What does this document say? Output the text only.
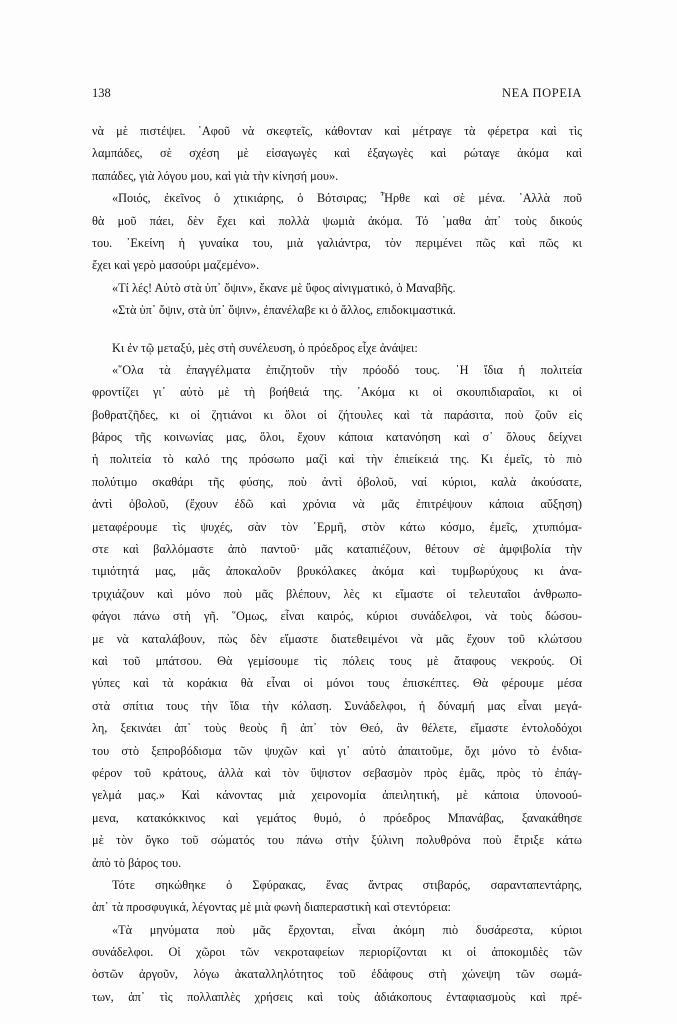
138	ΝΕΑ ΠΟΡΕΙΑ
νὰ μὲ πιστέψει. ᾿Αφοῦ νὰ σκεφτεῖς, κάθονταν καὶ μέτραγε τὰ φέρετρα καὶ τὶς
λαμπάδες, σὲ σχέση μὲ εἰσαγωγὲς καὶ ἐξαγωγὲς καὶ ρώταγε ἀκόμα καὶ
παπάδες, γιὰ λόγου μου, καὶ γιὰ τὴν κίνησή μου».
«Ποιός, ἐκεῖνος ὁ χτικιάρης, ὁ Βότσιρας; Ἦρθε καὶ σὲ μένα. ᾿Αλλὰ ποῦ
θὰ μοῦ πάει, δὲν ἔχει καὶ πολλὰ ψωμιὰ ἀκόμα. Τό ᾿μαθα ἀπ᾿ τοὺς δικούς
του. ᾿Εκείνη ἡ γυναίκα του, μιὰ γαλιάντρα, τὸν περιμένει πῶς καὶ πῶς κι
ἔχει καὶ γερὸ μασούρι μαζεμένο».
«Τί λές! Αὐτὸ στὰ ὑπ᾿ ὄψιν», ἔκανε μὲ ὕφος αἰνιγματικό, ὁ Μαναβῆς.
«Στὰ ὑπ᾿ ὄψιν, στὰ ὑπ᾿ ὄψιν», ἐπανέλαβε κι ὁ ἄλλος, επιδοκιμαστικά.
Κι ἐν τῷ μεταξύ, μὲς στὴ συνέλευση, ὁ πρόεδρος εἶχε ἀνάψει:
«῞Ολα τὰ ἐπαγγέλματα ἐπιζητοῦν τὴν πρόοδό τους. ῾Η ἴδια ἡ πολιτεία
φροντίζει γι᾿ αὐτὸ μὲ τὴ βοήθειά της. ᾿Ακόμα κι οἱ σκουπιδιαραῖοι, κι οἱ
βοθρατζῆδες, κι οἱ ζητιάνοι κι ὅλοι οἱ ζήτουλες καὶ τὰ παράσιτα, ποὺ ζοῦν εἰς
βάρος τῆς κοινωνίας μας, ὅλοι, ἔχουν κάποια κατανόηση καὶ σ᾿ ὅλους δείχνει
ἡ πολιτεία τὸ καλό της πρόσωπο μαζὶ καὶ τὴν ἐπιείκειά της. Κι ἐμεῖς, τὸ πιὸ
πολύτιμο σκαθάρι τῆς φύσης, ποὺ ἀντὶ ὀβολοῦ, ναί κύριοι, καλὰ ἀκούσατε,
ἀντὶ ὀβολοῦ, (ἔχουν ἐδῶ καὶ χρόνια νὰ μᾶς ἐπιτρέψουν κάποια αὔξηση)
μεταφέρουμε τὶς ψυχές, σὰν τὸν ῾Ερμῆ, στὸν κάτω κόσμο, ἐμεῖς, χτυπιόμα-
στε καὶ βαλλόμαστε ἀπὸ παντοῦ· μᾶς καταπιέζουν, θέτουν σὲ ἀμφιβολία τὴν
τιμιότητά μας, μᾶς ἀποκαλοῦν βρυκόλακες ἀκόμα καὶ τυμβωρύχους κι ἀνα-
τριχιάζουν καὶ μόνο ποὺ μᾶς βλέπουν, λὲς κι εἴμαστε οἱ τελευταῖοι ἀνθρωπο-
φάγοι πάνω στὴ γῆ. ῞Ομως, εἶναι καιρός, κύριοι συνάδελφοι, νὰ τοὺς δώσου-
με νὰ καταλάβουν, πὼς δὲν εἴμαστε διατεθειμένοι νὰ μᾶς ἔχουν τοῦ κλώτσου
καὶ τοῦ μπάτσου. Θὰ γεμίσουμε τὶς πόλεις τους μὲ ἄταφους νεκρούς. Οἱ
γύπες καὶ τὰ κοράκια θὰ εἶναι οἱ μόνοι τους ἐπισκέπτες. Θὰ φέρουμε μέσα
στὰ σπίτια τους τὴν ἴδια τὴν κόλαση. Συνάδελφοι, ἡ δύναμή μας εἶναι μεγά-
λη, ξεκινάει ἀπ᾿ τοὺς θεοὺς ἢ ἀπ᾿ τὸν Θεό, ἂν θέλετε, εἴμαστε ἐντολοδόχοι
του στὸ ξεπροβόδισμα τῶν ψυχῶν καὶ γι᾿ αὐτὸ ἀπαιτοῦμε, ὄχι μόνο τὸ ἐνδια-
φέρον τοῦ κράτους, ἀλλὰ καὶ τὸν ὕψιστον σεβασμὸν πρὸς ἐμᾶς, πρὸς τὸ ἐπάγ-
γελμά μας.» Καὶ κάνοντας μιὰ χειρονομία ἀπειλητική, μὲ κάποια ὑπονοού-
μενα, κατακόκκινος καὶ γεμάτος θυμό, ὁ πρόεδρος Μπανάβας, ξανακάθησε
μὲ τὸν ὄγκο τοῦ σώματός του πάνω στὴν ξύλινη πολυθρόνα ποὺ ἔτριξε κάτω
ἀπὸ τὸ βάρος του.
Τότε σηκώθηκε ὁ Σφύρακας, ἕνας ἄντρας στιβαρός, σαρανταπεντάρης,
ἀπ᾿ τὰ προσφυγικά, λέγοντας μὲ μιὰ φωνὴ διαπεραστικὴ καὶ στεντόρεια:
«Τὰ μηνύματα ποὺ μᾶς ἔρχονται, εἶναι ἀκόμη πιὸ δυσάρεστα, κύριοι
συνάδελφοι. Οἱ χῶροι τῶν νεκροταφείων περιορίζονται κι οἱ ἀποκομιδὲς τῶν
ὀστῶν ἀργοῦν, λόγω ἀκαταλληλότητος τοῦ ἐδάφους στὴ χώνεψη τῶν σωμά-
των, ἀπ᾿ τὶς πολλαπλὲς χρήσεις καὶ τοὺς ἀδιάκοπους ἐνταφιασμοὺς καὶ πρέ-
